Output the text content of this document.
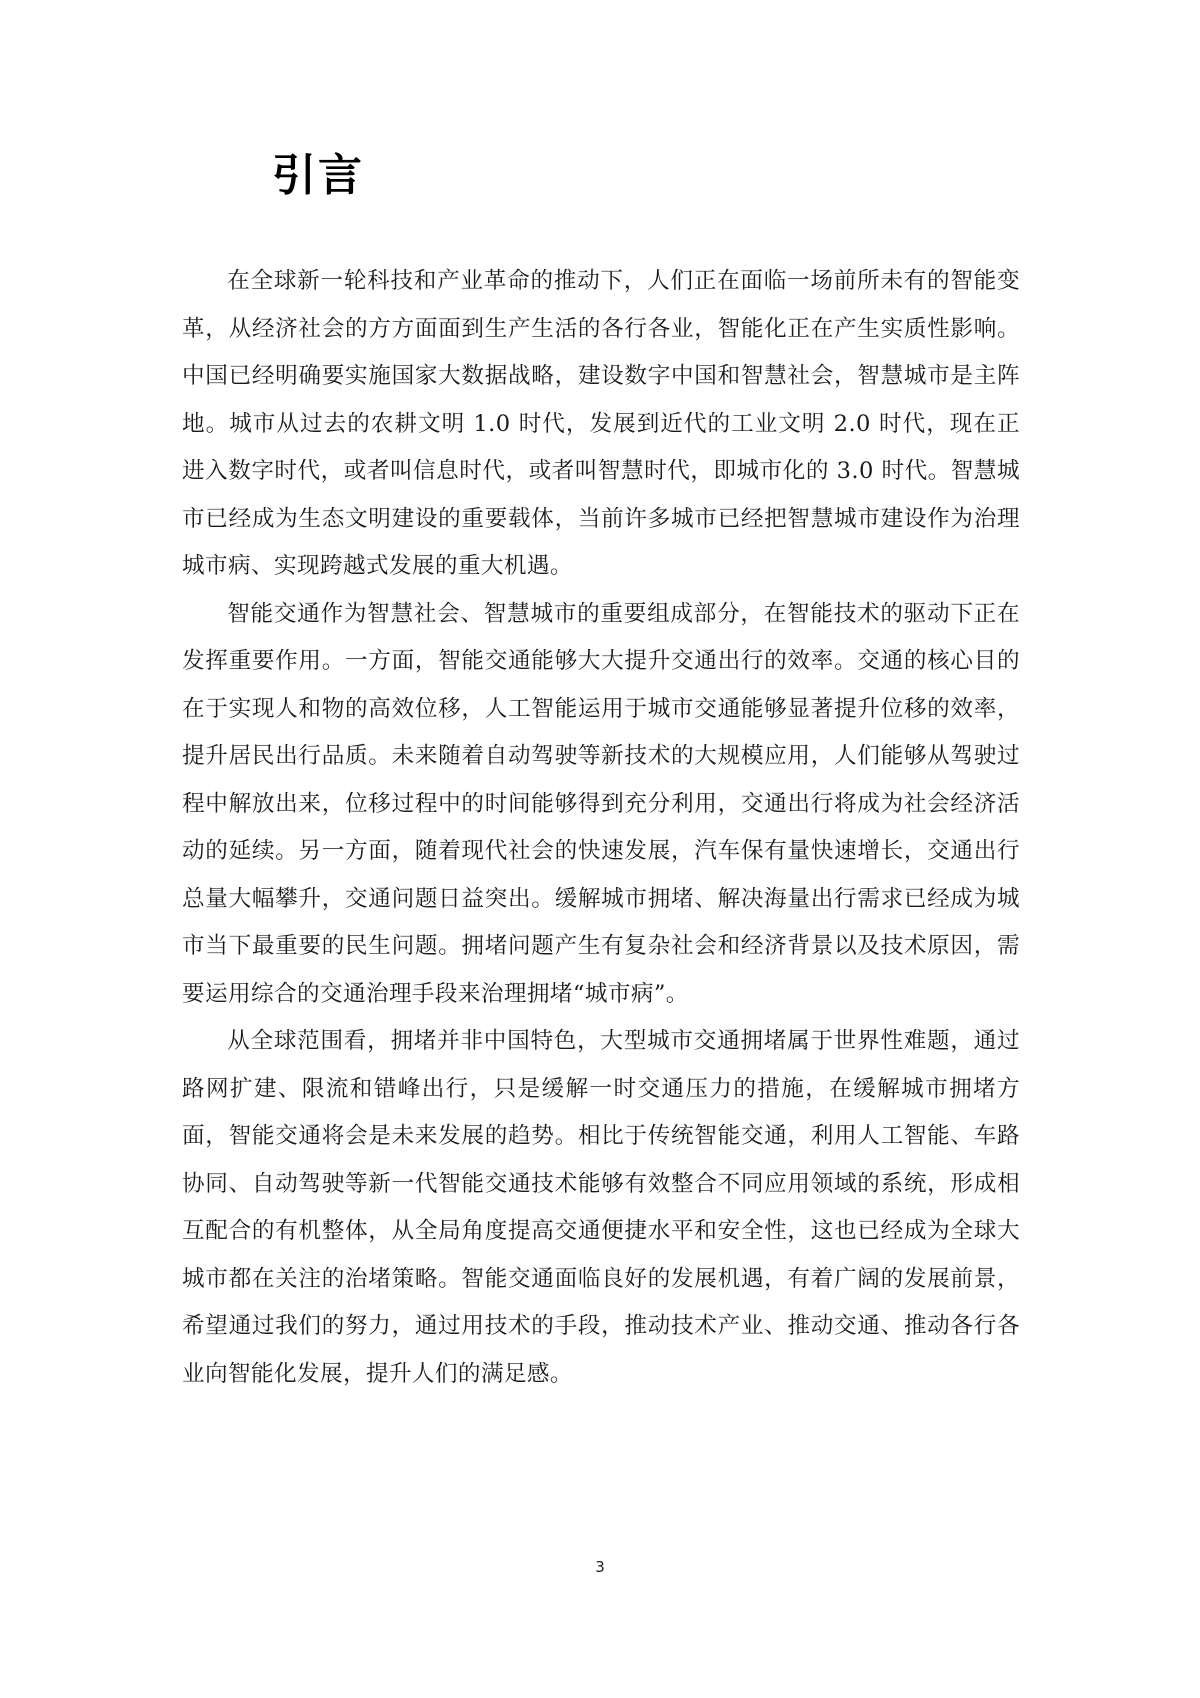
引言

在全球新一轮科技和产业革命的推动下，人们正在面临一场前所未有的智能变革，从经济社会的方方面面到生产生活的各行各业，智能化正在产生实质性影响。中国已经明确要实施国家大数据战略，建设数字中国和智慧社会，智慧城市是主阵地。城市从过去的农耕文明 1.0 时代，发展到近代的工业文明 2.0 时代，现在正进入数字时代，或者叫信息时代，或者叫智慧时代，即城市化的 3.0 时代。智慧城市已经成为生态文明建设的重要载体，当前许多城市已经把智慧城市建设作为治理城市病、实现跨越式发展的重大机遇。

智能交通作为智慧社会、智慧城市的重要组成部分，在智能技术的驱动下正在发挥重要作用。一方面，智能交通能够大大提升交通出行的效率。交通的核心目的在于实现人和物的高效位移，人工智能运用于城市交通能够显著提升位移的效率，提升居民出行品质。未来随着自动驾驶等新技术的大规模应用，人们能够从驾驶过程中解放出来，位移过程中的时间能够得到充分利用，交通出行将成为社会经济活动的延续。另一方面，随着现代社会的快速发展，汽车保有量快速增长，交通出行总量大幅攀升，交通问题日益突出。缓解城市拥堵、解决海量出行需求已经成为城市当下最重要的民生问题。拥堵问题产生有复杂社会和经济背景以及技术原因，需要运用综合的交通治理手段来治理拥堵“城市病”。

从全球范围看，拥堵并非中国特色，大型城市交通拥堵属于世界性难题，通过路网扩建、限流和错峰出行，只是缓解一时交通压力的措施，在缓解城市拥堵方面，智能交通将会是未来发展的趋势。相比于传统智能交通，利用人工智能、车路协同、自动驾驶等新一代智能交通技术能够有效整合不同应用领域的系统，形成相互配合的有机整体，从全局角度提高交通便捷水平和安全性，这也已经成为全球大城市都在关注的治堵策略。智能交通面临良好的发展机遇，有着广阔的发展前景，希望通过我们的努力，通过用技术的手段，推动技术产业、推动交通、推动各行各业向智能化发展，提升人们的满足感。

3
